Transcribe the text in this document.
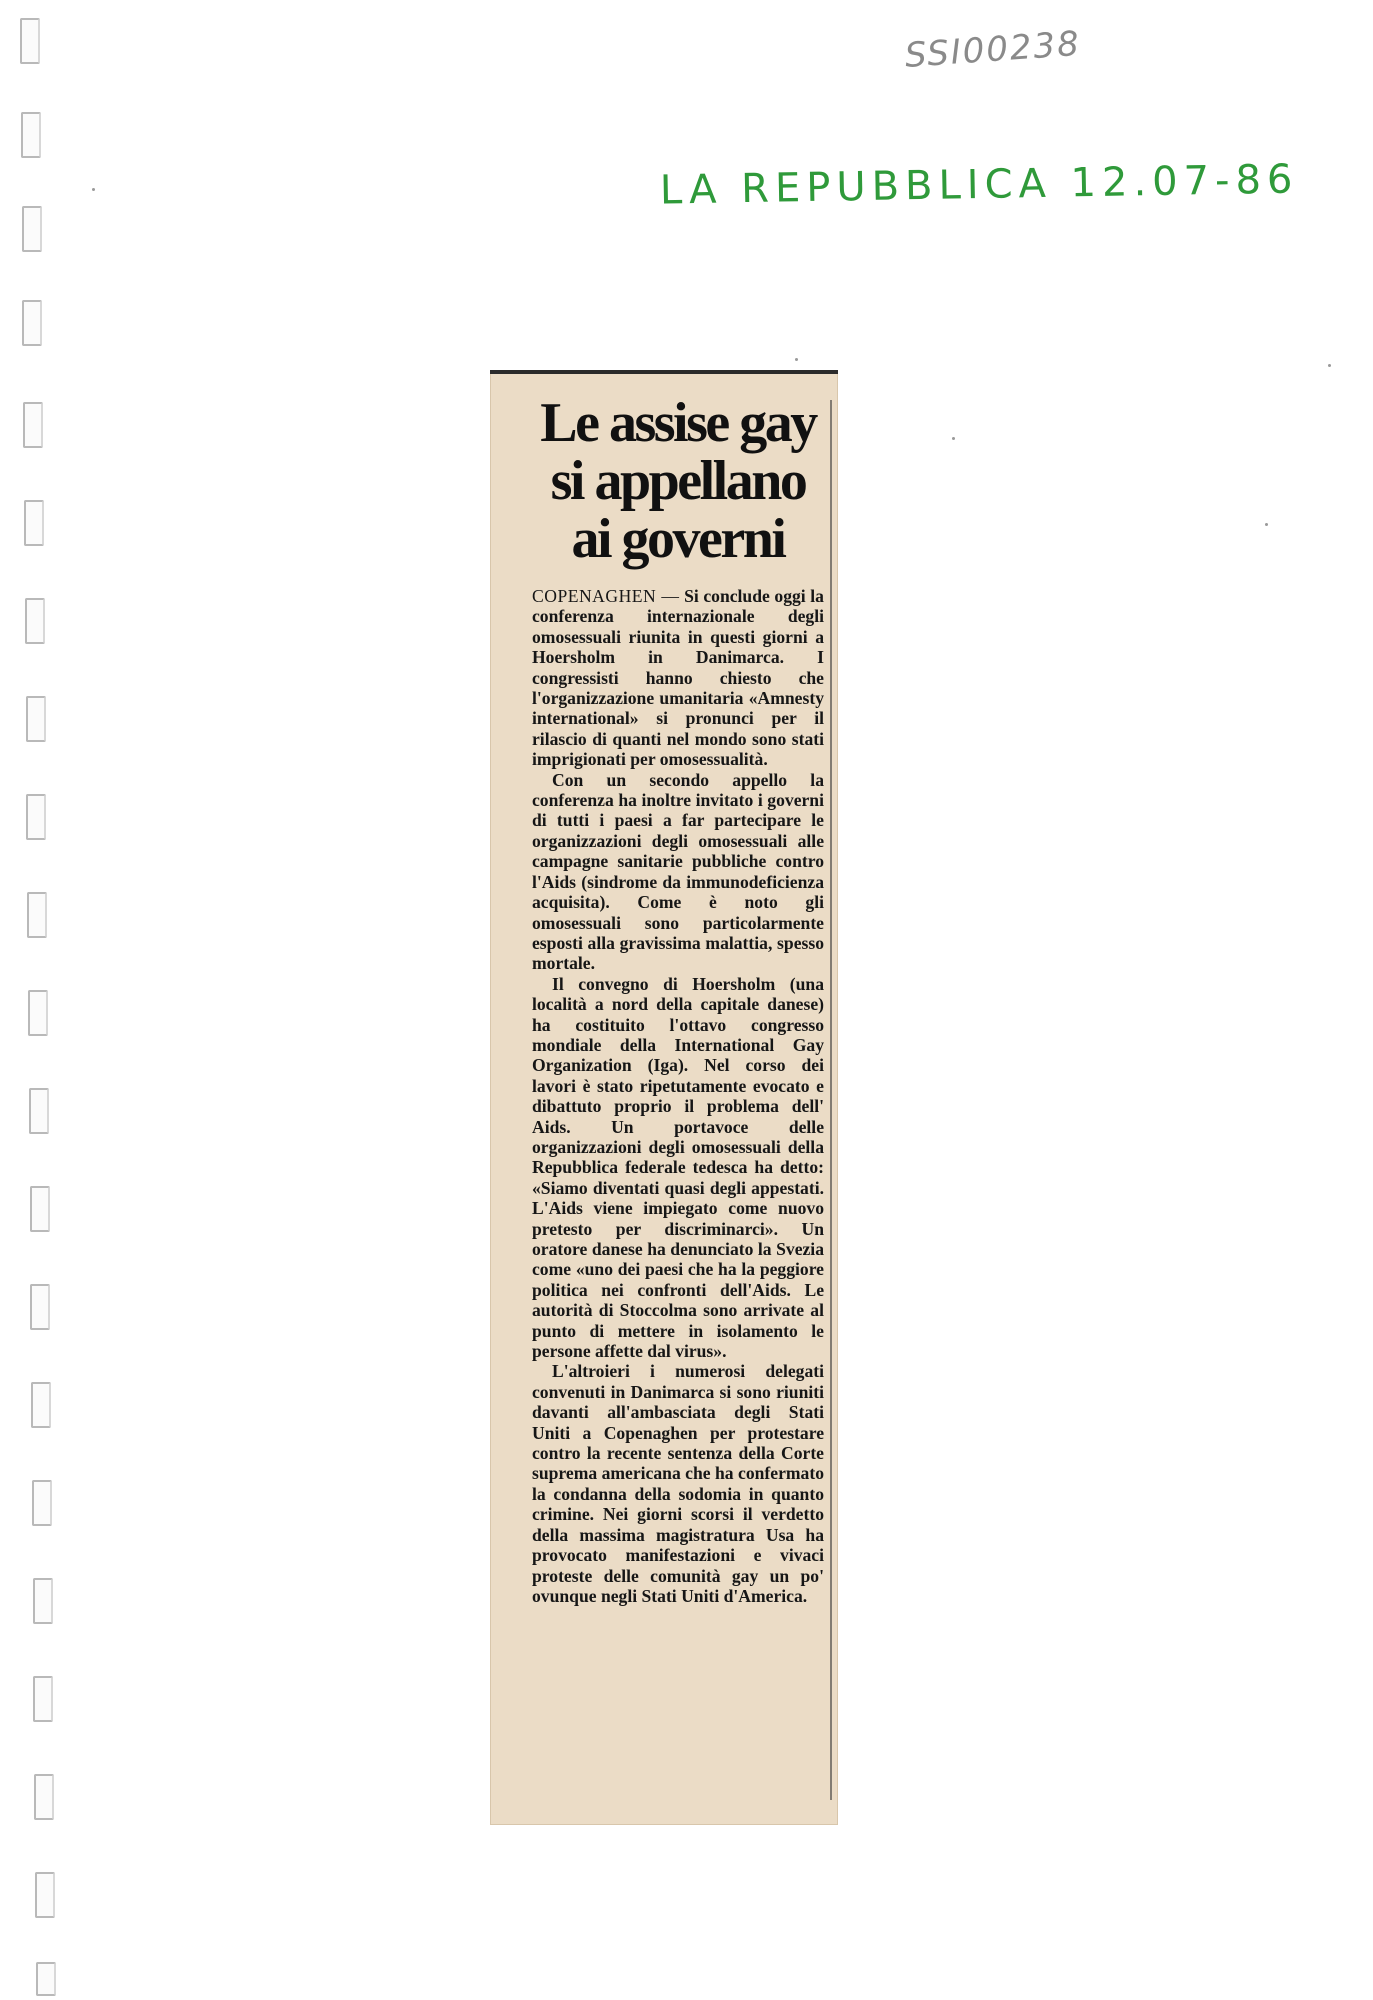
SSI00238
LA REPUBBLICA 12.07-86
Le assise gay
si appellano
ai governi

COPENAGHEN — Si conclude oggi la conferenza internazionale degli omosessuali riunita in questi giorni a Hoersholm in Danimarca. I congressisti hanno chiesto che l'organizzazione umanitaria «Amnesty international» si pronunci per il rilascio di quanti nel mondo sono stati imprigionati per omosessualità.

Con un secondo appello la conferenza ha inoltre invitato i governi di tutti i paesi a far partecipare le organizzazioni degli omosessuali alle campagne sanitarie pubbliche contro l'Aids (sindrome da immunodeficienza acquisita). Come è noto gli omosessuali sono particolarmente esposti alla gravissima malattia, spesso mortale.

Il convegno di Hoersholm (una località a nord della capitale danese) ha costituito l'ottavo congresso mondiale della International Gay Organization (Iga). Nel corso dei lavori è stato ripetutamente evocato e dibattuto proprio il problema dell' Aids. Un portavoce delle organizzazioni degli omosessuali della Repubblica federale tedesca ha detto: «Siamo diventati quasi degli appestati. L'Aids viene impiegato come nuovo pretesto per discriminarci». Un oratore danese ha denunciato la Svezia come «uno dei paesi che ha la peggiore politica nei confronti dell'Aids. Le autorità di Stoccolma sono arrivate al punto di mettere in isolamento le persone affette dal virus».

L'altroieri i numerosi delegati convenuti in Danimarca si sono riuniti davanti all'ambasciata degli Stati Uniti a Copenaghen per protestare contro la recente sentenza della Corte suprema americana che ha confermato la condanna della sodomia in quanto crimine. Nei giorni scorsi il verdetto della massima magistratura Usa ha provocato manifestazioni e vivaci proteste delle comunità gay un po' ovunque negli Stati Uniti d'America.
